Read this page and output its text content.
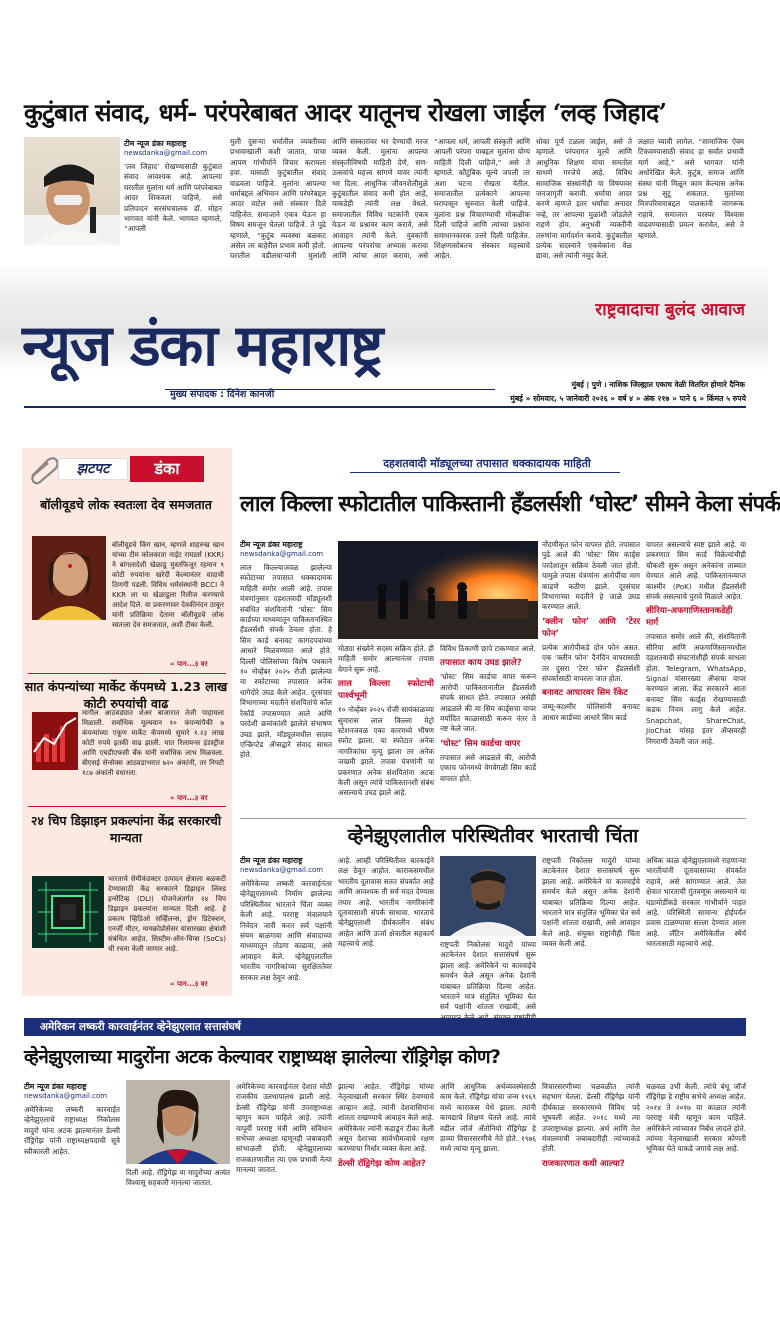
कुटुंबात संवाद, धर्म- परंपरेबाबत आदर यातूनच रोखला जाईल ‘लव्ह जिहाद’
टीम न्यूज डंका महाराष्ट्र
newsdanka@gmail.com
‘लव जिहाद’ रोखण्यासाठी कुटुंबात संवाद आवश्यक आहे. आपल्या घरातील मुलांना धर्म आणि परंपरेबाबत आदर शिकवला पाहिजे, असे प्रतिपादन सरसंघचालक डॉ. मोहन भागवत यांनी केले. भागवत म्हणाले, “आपली
मुली दुसऱ्या धर्मातील व्यक्तीच्या प्रभावाखाली कशी जातात, याचा आपण गांभीर्याने विचार करायला हवा. यासाठी कुटुंबातील संवाद वाढवला पाहिजे. मुलांना आपल्या धर्माबद्दल अभिमान आणि परंपरेबद्दल आदर वाटेल असे संस्कार दिले पाहिजेत. समाजाने एकत्र येऊन हा विषय समजून घेतला पाहिजे. ते पुढे म्हणाले, “कुटुंब व्यवस्था बळकट असेल तर बाहेरील प्रभाव कमी होतो. घरातील वडीलधाऱ्यांनी मुलांशी
आणि संस्कारांवर भर देण्याची गरज व्यक्त केली. मुलांना आपल्या संस्कृतीविषयी माहिती देणे, सण-उत्सवांचे महत्त्व सांगणे यावर त्यांनी भर दिला. आधुनिक जीवनशैलीमुळे कुटुंबातील संवाद कमी होत आहे, याकडेही त्यांनी लक्ष वेधले. समाजातील विविध घटकांनी एकत्र येऊन या प्रश्नावर काम करावे, असे आवाहन त्यांनी केले. युवकांनी आपल्या परंपरांचा अभ्यास करावा आणि त्यांचा आदर करावा, असे
“आपला धर्म, आपली संस्कृती आणि आपली परंपरा याबद्दल मुलांना योग्य माहिती दिली पाहिजे,” असे ते म्हणाले. कौटुंबिक मूल्ये जपली तर अशा घटना रोखता येतील. समाजातील प्रत्येकाने आपल्या घरापासून सुरुवात केली पाहिजे. मुलांना प्रश्न विचारण्याची मोकळीक दिली पाहिजे आणि त्यांच्या प्रश्नांना समाधानकारक उत्तरे दिली पाहिजेत. शिक्षणासोबतच संस्कार महत्त्वाचे आहेत.
धोका पूर्ण टळला जाईल, असे ते म्हणाले. परंपरागत मूल्ये आणि आधुनिक शिक्षण यांचा समतोल साधणे गरजेचे आहे. विविध सामाजिक संस्थांनीही या विषयावर जनजागृती करावी. धर्माचा आदर करणे म्हणजे इतर धर्मांचा अनादर नव्हे, तर आपल्या मुळांशी जोडलेले राहणे होय. अनुभवी व्यक्तींनी तरुणांना मार्गदर्शन करावे. कुटुंबातील प्रत्येक सदस्याने एकमेकांना वेळ द्यावा, असे त्यांनी नमूद केले.
लक्षात घ्यावी लागेल. “सामाजिक ऐक्य टिकवण्यासाठी संवाद हा सर्वात प्रभावी मार्ग आहे,” असे भागवत यांनी अधोरेखित केले. कुटुंब, समाज आणि संस्था यांनी मिळून काम केल्यास अनेक प्रश्न सुटू शकतात. मुलांच्या मित्रपरिवाराबद्दल पालकांनी जागरूक राहावे. समाजात परस्पर विश्वास वाढवण्यासाठी प्रयत्न करावेत, असे ते म्हणाले.
राष्ट्रवादाचा बुलंद आवाज
न्यूज डंका महाराष्ट्र
मुंबई | पुणे । नाशिक जिल्ह्यात एकाच वेळी वितरित होणारे दैनिक
मुख्य संपादक : दिनेश कानजी	मुंबई » सोमवार, ५ जानेवारी २०२६ » वर्ष ४ » अंक २१७ » पाने ६ » किंमत ५ रुपये
झटपट	डंका
बॉलीवूडचे लोक स्वतःला देव समजतात
बॉलीवूडचे किंग खान, म्हणजे शाहरुख खान यांच्या टीम कोलकाता नाईट रायडर्स (KKR) ने बांगलादेशी खेळाडू मुस्तफिजूर रहमान ९ कोटी रुपयांना खरेदी केल्यानंतर वादाची ठिणगी पडली. विविध धर्मसंस्थांनी BCCI ने KKR ला या खेळाडूला रिलीज करण्याचे आदेश दिले. या प्रकरणावर देवकीनंदन ठाकूर यांनी प्रतिक्रिया देताना बॉलीवूडचे लोक स्वतःला देव समजतात, अशी टीका केली.
» पान...३ वर
सात कंपन्यांच्या मार्केट कॅपमध्ये 1.23 लाख कोटी रुपयांची वाढ
मागील आठवड्यात शेअर बाजारात तेजी पाहायला मिळाली. सर्वाधिक मूल्यवान १० कंपन्यांपैकी ७ कंपन्यांच्या एकूण मार्केट कॅपमध्ये सुमारे १.२३ लाख कोटी रुपये इतकी वाढ झाली. यात रिलायन्स इंडस्ट्रीज आणि एचडीएफसी बँक यांनी सर्वाधिक लाभ मिळवला. बीएसई सेन्सेक्स आठवडाभरात ७२० अंकांनी, तर निफ्टी १८७ अंकांनी वधारला.
» पान...३ वर
२४ चिप डिझाइन प्रकल्पांना केंद्र सरकारची मान्यता
भारताचे सेमीकंडक्टर उत्पादन क्षेत्राला बळकटी देण्यासाठी केंद्र सरकारने डिझाइन लिंक्ड इन्सेंटिव्ह (DLI) योजनेअंतर्गत २४ चिप डिझाइन प्रकल्पांना मान्यता दिली आहे. हे प्रकल्प व्हिडिओ सर्व्हिलन्स, ड्रोन डिटेक्शन, एनर्जी मीटर, मायक्रोप्रोसेसर यांसारख्या क्षेत्रांशी संबंधित आहेत. सिस्टीम-ऑन-चिप्स (SoCs) ची रचना केली जाणार आहे.
» पान...३ वर
दहशतवादी मॉड्यूलच्या तपासात धक्कादायक माहिती
लाल किल्ला स्फोटातील पाकिस्तानी हँडलर्सशी ‘घोस्ट’ सीमने केला संपर्क
टीम न्यूज डंका महाराष्ट्र
newsdanka@gmail.com
लाल किल्ल्याजवळ झालेल्या स्फोटाच्या तपासात धक्कादायक माहिती समोर आली आहे. तपास यंत्रणांनुसार दहशतवादी मॉड्यूलशी संबंधित संशयितांनी ‘घोस्ट’ सिम कार्डच्या माध्यमातून पाकिस्तानस्थित हँडलर्सशी संपर्क ठेवला होता. हे सिम कार्ड बनावट कागदपत्रांच्या आधारे मिळवण्यात आले होते. दिल्ली पोलिसांच्या विशेष पथकाने १० नोव्हेंबर २०२५ रोजी झालेल्या या स्फोटाच्या तपासात अनेक धागेदोरे उघड केले आहेत. दूरसंचार विभागाच्या मदतीने संशयितांचे कॉल रेकॉर्ड तपासण्यात आले आणि परदेशी क्रमांकांशी झालेले संभाषण उघड झाले. मॉड्यूलमधील सदस्य एन्क्रिप्टेड ॲप्सद्वारे संवाद साधत होते.
मोठ्या संख्येने सदस्य सक्रिय होते. ही माहिती समोर आल्यानंतर तपास वेगाने सुरू आहे.
लाल किल्ला स्फोटाची पार्श्वभूमी
१० नोव्हेंबर २०२५ रोजी सायंकाळच्या सुमारास लाल किल्ला मेट्रो स्टेशनजवळ एका कारमध्ये भीषण स्फोट झाला. या स्फोटात अनेक नागरिकांचा मृत्यू झाला तर अनेक जखमी झाले. तपास यंत्रणांनी या प्रकरणात अनेक संशयितांना अटक केली असून त्यांचे पाकिस्तानशी संबंध असल्याचे उघड झाले आहे.
विविध ठिकाणी छापे टाकण्यात आले.
तपासात काय उघड झाले?
‘घोस्ट’ सिम कार्डचा वापर करून आरोपी पाकिस्तानातील हँडलर्सशी संपर्क साधत होते. तपासात असेही आढळले की या सिम कार्ड्सचा वापर मर्यादित काळासाठी करून नंतर ते नष्ट केले जात.
‘घोस्ट’ सिम कार्डचा वापर
तपासात असे आढळले की, आरोपी एकाच फोनमध्ये वेगवेगळी सिम कार्डे वापरत होते.
नोंदणीकृत फोन वापरत होते. तपासात पुढे आले की ‘घोस्ट’ सिम कार्ड्स परदेशातून सक्रिय ठेवली जात होती. यामुळे तपास यंत्रणांना आरोपींचा माग काढणे कठीण झाले. दूरसंचार विभागाच्या मदतीने हे जाळे उघड करण्यात आले.
‘क्लीन फोन’ आणि ‘टेरर फोन’
प्रत्येक आरोपीकडे दोन फोन असत. एक ‘क्लीन फोन’ दैनंदिन वापरासाठी तर दुसरा ‘टेरर फोन’ हँडलर्सशी संपर्कासाठी वापरला जात होता.
बनावट आधारवर सिम रॅकेट
जम्मू-काश्मीर पोलिसांनी बनावट आधार कार्डच्या आधारे सिम कार्ड
वापरत असल्याचे स्पष्ट झाले आहे. या प्रकरणात सिम कार्ड विक्रेत्यांचीही चौकशी सुरू असून अनेकांना ताब्यात घेण्यात आले आहे. पाकिस्तानव्याप्त काश्मीर (PoK) मधील हँडलर्सशी संपर्क असल्याचे पुरावे मिळाले आहेत.
सीरिया-अफगाणिस्तानकडेही मार्ग
तपासात समोर आले की, संशयितांनी सीरिया आणि अफगाणिस्तानमधील दहशतवादी संघटनांशीही संपर्क साधला होता. Telegram, WhatsApp, Signal यांसारख्या ॲप्सचा वापर करण्यात आला. केंद्र सरकारने आता बनावट सिम कार्ड्स रोखण्यासाठी कडक नियम लागू केले आहेत. Snapchat, ShareChat, JioChat यांसह इतर ॲप्सवरही निगराणी ठेवली जात आहे.
व्हेनेझुएलातील परिस्थितीवर भारताची चिंता
टीम न्यूज डंका महाराष्ट्र
newsdanka@gmail.com
अमेरिकेच्या लष्करी कारवाईनंतर व्हेनेझुएलामध्ये निर्माण झालेल्या परिस्थितीवर भारताने चिंता व्यक्त केली आहे. परराष्ट्र मंत्रालयाने निवेदन जारी करत सर्व पक्षांनी संयम बाळगावा आणि संवादाच्या माध्यमातून तोडगा काढावा, असे आवाहन केले. व्हेनेझुएलातील भारतीय नागरिकांच्या सुरक्षिततेवर सरकार लक्ष ठेवून आहे.
आहे. आम्ही परिस्थितीवर बारकाईने लक्ष ठेवून आहोत. काराकसमधील भारतीय दूतावास सतत संपर्कात आहे आणि आवश्यक ती सर्व मदत देण्यास तयार आहे. भारतीय नागरिकांनी दूतावासाशी संपर्क साधावा. भारताचे व्हेनेझुएलाशी दीर्घकालीन संबंध आहेत आणि ऊर्जा क्षेत्रातील सहकार्य महत्त्वाचे आहे.	राष्ट्रपती निकोलस मादुरो यांच्या अटकेनंतर देशात सत्तासंघर्ष सुरू झाला आहे. अमेरिकेने या कारवाईचे समर्थन केले असून अनेक देशांनी याबाबत प्रतिक्रिया दिल्या आहेत. भारताने मात्र संतुलित भूमिका घेत सर्व पक्षांनी शांतता राखावी, असे
राष्ट्रपती निकोलस मादुरो यांच्या अटकेनंतर देशात सत्तासंघर्ष सुरू झाला आहे. अमेरिकेने या कारवाईचे समर्थन केले असून अनेक देशांनी याबाबत प्रतिक्रिया दिल्या आहेत. भारताने मात्र संतुलित भूमिका घेत सर्व पक्षांनी शांतता राखावी, असे आवाहन केले आहे. संयुक्त राष्ट्रांनीही चिंता व्यक्त केली आहे.
अधिक काळ व्हेनेझुएलामध्ये राहणाऱ्या भारतीयांनी दूतावासाच्या संपर्कात राहावे, असे सांगण्यात आले. तेल क्षेत्रात भारताची गुंतवणूक असल्याने या घडामोडींकडे सरकार गांभीर्याने पाहत आहे. परिस्थिती सामान्य होईपर्यंत प्रवास टाळण्याचा सल्ला देण्यात आला आहे. लॅटिन अमेरिकेतील स्थैर्य भारतासाठी महत्त्वाचे आहे.
अमेरिकन लष्करी कारवाईनंतर व्हेनेझुएलात सत्तासंघर्ष
व्हेनेझुएलाच्या मादुरोंना अटक केल्यावर राष्ट्राध्यक्ष झालेल्या रॉड्रिगेझ कोण?
टीम न्यूज डंका महाराष्ट्र
newsdanka@gmail.com
अमेरिकेच्या लष्करी कारवाईत व्हेनेझुएलाचे राष्ट्राध्यक्ष निकोलस मादुरो यांना अटक झाल्यानंतर डेल्सी रॉड्रिगेझ यांनी राष्ट्राध्यक्षपदाची सूत्रे स्वीकारली आहेत.
दिली आहे. रॉड्रिगेझ या मादुरोंच्या अत्यंत विश्वासू सहकारी मानल्या जातात.
अमेरिकेच्या कारवाईनंतर देशात मोठी राजकीय उलथापालथ झाली आहे. डेल्सी रॉड्रिगेझ यांनी उपराष्ट्राध्यक्ष म्हणून काम पाहिले आहे. त्यांनी यापूर्वी परराष्ट्र मंत्री आणि संविधान सभेच्या अध्यक्षा म्हणूनही जबाबदारी सांभाळली होती. व्हेनेझुएलाच्या राजकारणातील त्या एक प्रभावी नेत्या मानल्या जातात.
झाल्या आहेत. रॉड्रिगेझ यांच्या नेतृत्वाखाली सरकार स्थिर ठेवण्याचे आव्हान आहे. त्यांनी देशवासियांना शांतता राखण्याचे आवाहन केले आहे. अमेरिकेवर त्यांनी कडाडून टीका केली असून देशाच्या सार्वभौमत्वाचे रक्षण करण्याचा निर्धार व्यक्त केला आहे.
डेल्सी रॉड्रिगेझ कोण आहेत?
आणि आधुनिक अर्थव्यवस्थेसाठी काम केले. रॉड्रिगेझ यांचा जन्म १९६९ मध्ये काराकस येथे झाला. त्यांनी कायद्याचे शिक्षण घेतले आहे. त्यांचे वडील जॉर्ज अँतोनियो रॉड्रिगेझ हे डाव्या विचारसरणीचे नेते होते. १९७६ मध्ये त्यांचा मृत्यू झाला.
विचारसरणीच्या चळवळीत त्यांनी सहभाग घेतला. डेल्सी रॉड्रिगेझ यांनी दीर्घकाळ सरकारमध्ये विविध पदे भूषवली आहेत. २०१८ मध्ये त्या उपराष्ट्राध्यक्ष झाल्या. अर्थ आणि तेल मंत्रालयाची जबाबदारीही त्यांच्याकडे होती.
राजकारणात कधी आल्या?
चळवळ उभी केली. त्यांचे बंधू जॉर्ज रॉड्रिगेझ हे राष्ट्रीय सभेचे अध्यक्ष आहेत. २०१४ ते २०१७ या काळात त्यांनी परराष्ट्र मंत्री म्हणून काम पाहिले. अमेरिकेने त्यांच्यावर निर्बंध लादले होते. त्यांच्या नेतृत्वाखाली सरकार कोणती भूमिका घेते याकडे जगाचे लक्ष आहे.
